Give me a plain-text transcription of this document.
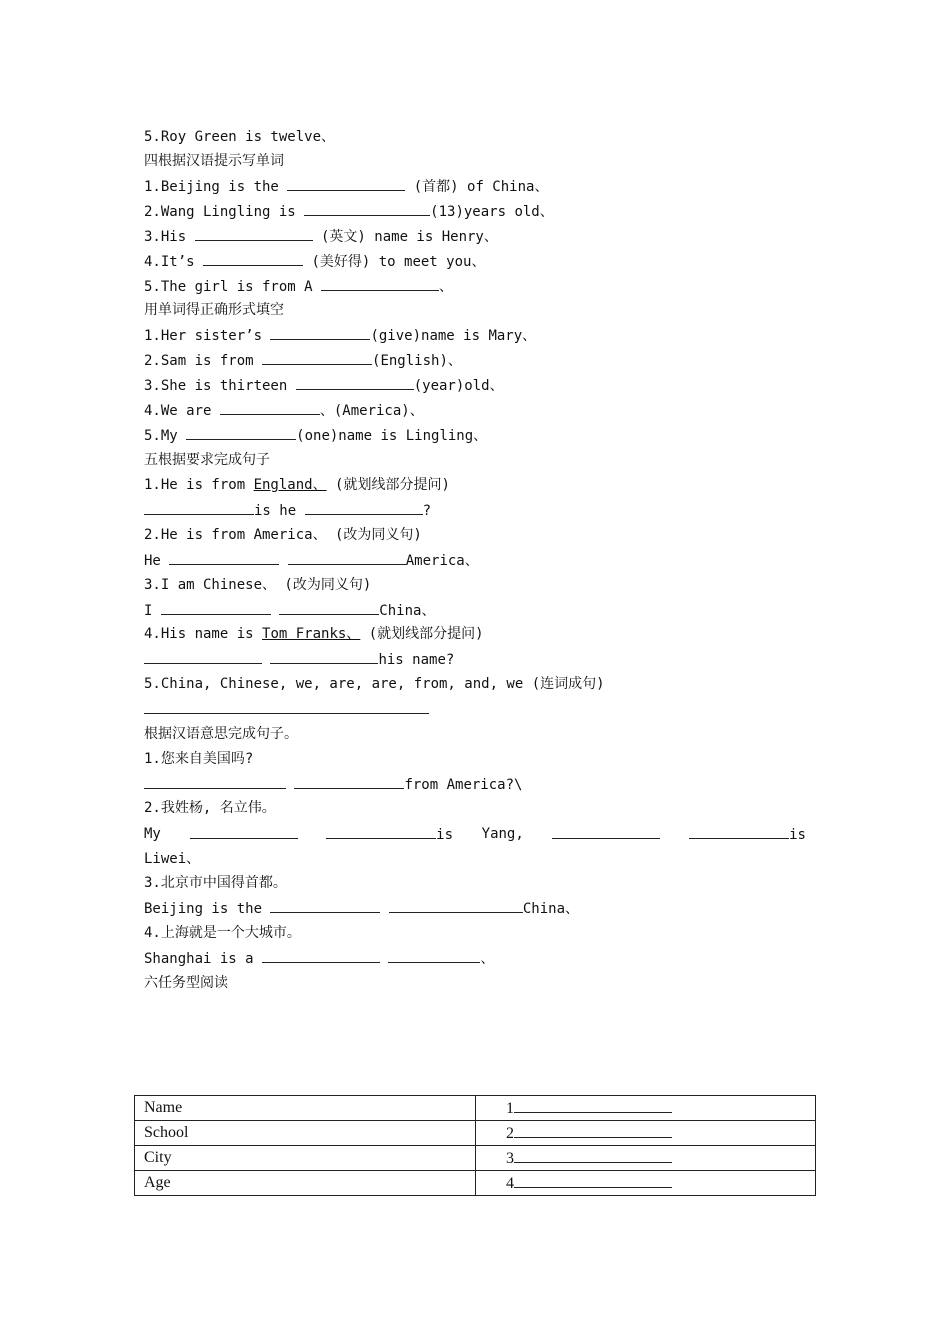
5.Roy Green is twelve、
四根据汉语提示写单词
1.Beijing is the	(首都) of China、
2.Wang Lingling is	(13)years old、
3.His	(英文) name is Henry、
4.It’s	(美好得) to meet you、
5.The girl is from A	、
用单词得正确形式填空
1.Her sister’s	(give)name is Mary、
2.Sam is from	(English)、
3.She is thirteen	(year)old、
4.We are	、(America)、
5.My	(one)name is Lingling、
五根据要求完成句子
1.He is from England、 (就划线部分提问)
is he	?
2.He is from America、 (改为同义句)
He	America、
3.I am Chinese、 (改为同义句)
I	China、
4.His name is Tom Franks、 (就划线部分提问)
his name?
5.China, Chinese, we, are, are, from, and, we (连词成句)
根据汉语意思完成句子。
1.您来自美国吗?
from America?\
2.我姓杨, 名立伟。
My	is Yang,	is
Liwei、
3.北京市中国得首都。
Beijing is the	China、
4.上海就是一个大城市。
Shanghai is a	、
六任务型阅读
Name	1
School	2
City	3
Age	4
